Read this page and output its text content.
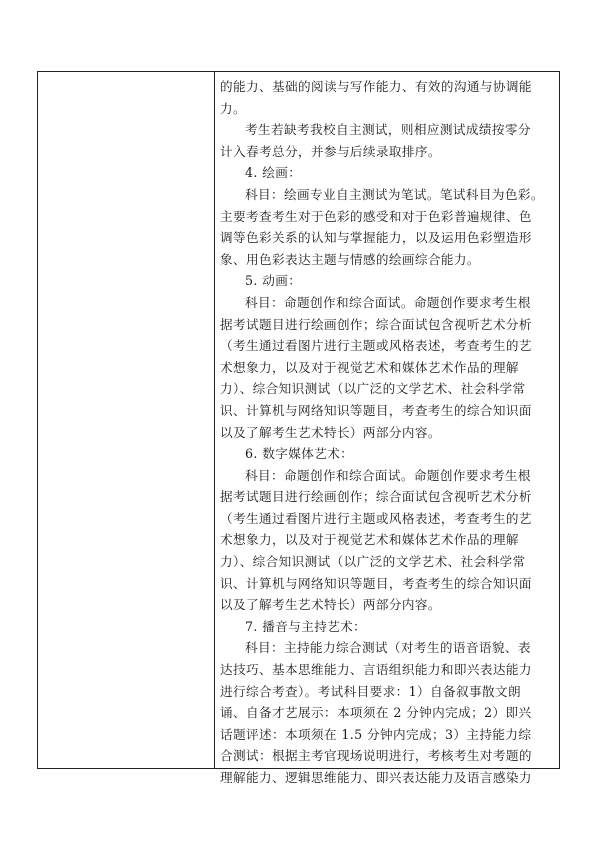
的能力、基础的阅读与写作能力、有效的沟通与协调能
力。
考生若缺考我校自主测试，则相应测试成绩按零分
计入春考总分，并参与后续录取排序。
4. 绘画：
科目：绘画专业自主测试为笔试。笔试科目为色彩。
主要考查考生对于色彩的感受和对于色彩普遍规律、色
调等色彩关系的认知与掌握能力，以及运用色彩塑造形
象、用色彩表达主题与情感的绘画综合能力。
5. 动画：
科目：命题创作和综合面试。命题创作要求考生根
据考试题目进行绘画创作；综合面试包含视听艺术分析
（考生通过看图片进行主题或风格表述，考查考生的艺
术想象力，以及对于视觉艺术和媒体艺术作品的理解
力）、综合知识测试（以广泛的文学艺术、社会科学常
识、计算机与网络知识等题目，考查考生的综合知识面
以及了解考生艺术特长）两部分内容。
6. 数字媒体艺术：
科目：命题创作和综合面试。命题创作要求考生根
据考试题目进行绘画创作；综合面试包含视听艺术分析
（考生通过看图片进行主题或风格表述，考查考生的艺
术想象力，以及对于视觉艺术和媒体艺术作品的理解
力）、综合知识测试（以广泛的文学艺术、社会科学常
识、计算机与网络知识等题目，考查考生的综合知识面
以及了解考生艺术特长）两部分内容。
7. 播音与主持艺术：
科目：主持能力综合测试（对考生的语音语貌、表
达技巧、基本思维能力、言语组织能力和即兴表达能力
进行综合考查）。考试科目要求：1）自备叙事散文朗
诵、自备才艺展示：本项须在 2 分钟内完成；2）即兴
话题评述：本项须在 1.5 分钟内完成；3）主持能力综
合测试：根据主考官现场说明进行，考核考生对考题的
理解能力、逻辑思维能力、即兴表达能力及语言感染力
